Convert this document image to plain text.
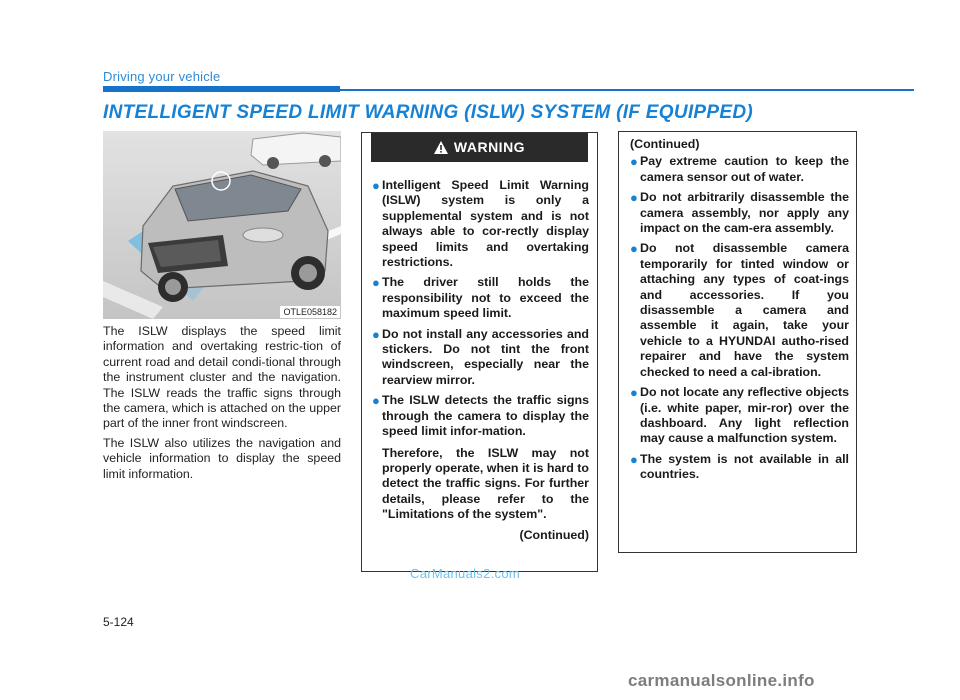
Driving your vehicle
INTELLIGENT SPEED LIMIT WARNING (ISLW) SYSTEM (IF EQUIPPED)
OTLE058182

The ISLW displays the speed limit information and overtaking restric-tion of current road and detail condi-tional through the instrument cluster and the navigation. The ISLW reads the traffic signs through the camera, which is attached on the upper part of the inner front windscreen.

The ISLW also utilizes the navigation and vehicle information to display the speed limit information.

WARNING
● Intelligent Speed Limit Warning (ISLW) system is only a supplemental system and is not always able to cor-rectly display speed limits and overtaking restrictions.
● The driver still holds the responsibility not to exceed the maximum speed limit.
● Do not install any accessories and stickers. Do not tint the front windscreen, especially near the rearview mirror.
● The ISLW detects the traffic signs through the camera to display the speed limit infor-mation.
Therefore, the ISLW may not properly operate, when it is hard to detect the traffic signs. For further details, please refer to the "Limitations of the system".
(Continued)
(Continued)
● Pay extreme caution to keep the camera sensor out of water.
● Do not arbitrarily disassemble the camera assembly, nor apply any impact on the cam-era assembly.
● Do not disassemble camera temporarily for tinted window or attaching any types of coat-ings and accessories. If you disassemble a camera and assemble it again, take your vehicle to a HYUNDAI autho-rised repairer and have the system checked to need a cal-ibration.
● Do not locate any reflective objects (i.e. white paper, mir-ror) over the dashboard. Any light reflection may cause a malfunction system.
● The system is not available in all countries.
CarManuals2.com
5-124
carmanualsonline.info
